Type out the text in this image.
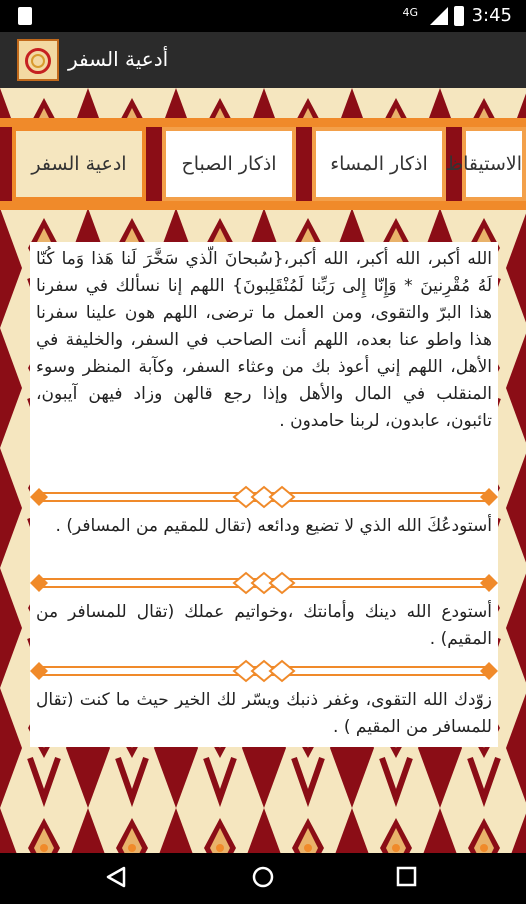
4G	3:45
أدعية السفر
ادعية السفر	اذكار الصباح	اذكار المساء الاستيقاظ
الله أكبر، الله أكبر، الله أكبر،{سُبحانَ الّذي سَخَّرَ لَنا هَذا وَما كُنّا لَهُ مُقْرِنينَ * وَإِنّا إِلى رَبِّنا لَمُنْقَلِبونَ} اللهم إنا نسألك في سفرنا هذا البرّ والتقوى، ومن العمل ما ترضى، اللهم هون علينا سفرنا هذا واطو عنا بعده، اللهم أنت الصاحب في السفر، والخليفة في الأهل، اللهم إني أعوذ بك من وعثاء السفر، وكآبة المنظر وسوء المنقلب في المال والأهل وإذا رجع قالهن وزاد فيهن آيبون، تائبون، عابدون، لربنا حامدون .
أستودعُكَ الله الذي لا تضيع ودائعه (تقال للمقيم من المسافر) .
أستودع الله دينك وأمانتك ،وخواتيم عملك (تقال للمسافر من المقيم) .
زوّدك الله التقوى، وغفر ذنبك ويسّر لك الخير حيث ما كنت (تقال للمسافر من المقيم ) .
